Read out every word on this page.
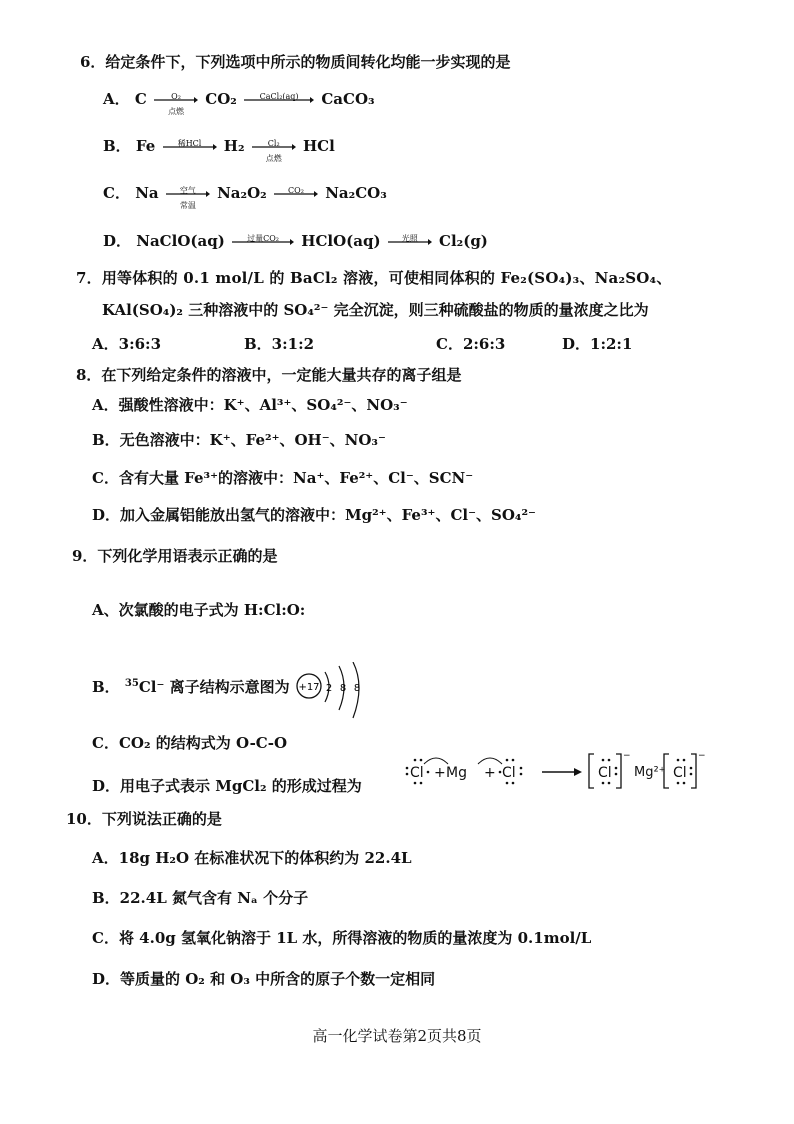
6．给定条件下，下列选项中所示的物质间转化均能一步实现的是
A． C	O₂
点燃
CO₂	CaCl₂(aq)	CaCO₃
B． Fe	稀HCl	H₂	Cl₂
点燃
HCl
C． Na	空气
常温
Na₂O₂	CO₂	Na₂CO₃
D． NaClO(aq)	过量CO₂	HClO(aq)	光照	Cl₂(g)
7．用等体积的 0.1 mol/L 的 BaCl₂ 溶液，可使相同体积的 Fe₂(SO₄)₃、Na₂SO₄、
KAl(SO₄)₂ 三种溶液中的 SO₄²⁻ 完全沉淀，则三种硫酸盐的物质的量浓度之比为
A．3:6:3	B．3:1:2	C．2:6:3	D．1:2:1
8．在下列给定条件的溶液中，一定能大量共存的离子组是
A．强酸性溶液中：K⁺、Al³⁺、SO₄²⁻、NO₃⁻
B．无色溶液中：K⁺、Fe²⁺、OH⁻、NO₃⁻
C．含有大量 Fe³⁺的溶液中：Na⁺、Fe²⁺、Cl⁻、SCN⁻
D．加入金属铝能放出氢气的溶液中：Mg²⁺、Fe³⁺、Cl⁻、SO₄²⁻
9．下列化学用语表示正确的是
A、次氯酸的电子式为 H:Cl:O:
B． $^{35}$Cl⁻ 离子结构示意图为 +17 2 8 8
C．CO₂ 的结构式为 O-C-O
D．用电子式表示 MgCl₂ 的形成过程为
Cl + Mg + Cl	Cl
−
Mg²⁺ Cl
−
10．下列说法正确的是
A．18g H₂O 在标准状况下的体积约为 22.4L
B．22.4L 氮气含有 Nₐ 个分子
C．将 4.0g 氢氧化钠溶于 1L 水，所得溶液的物质的量浓度为 0.1mol/L
D．等质量的 O₂ 和 O₃ 中所含的原子个数一定相同
高一化学试卷第2页共8页
